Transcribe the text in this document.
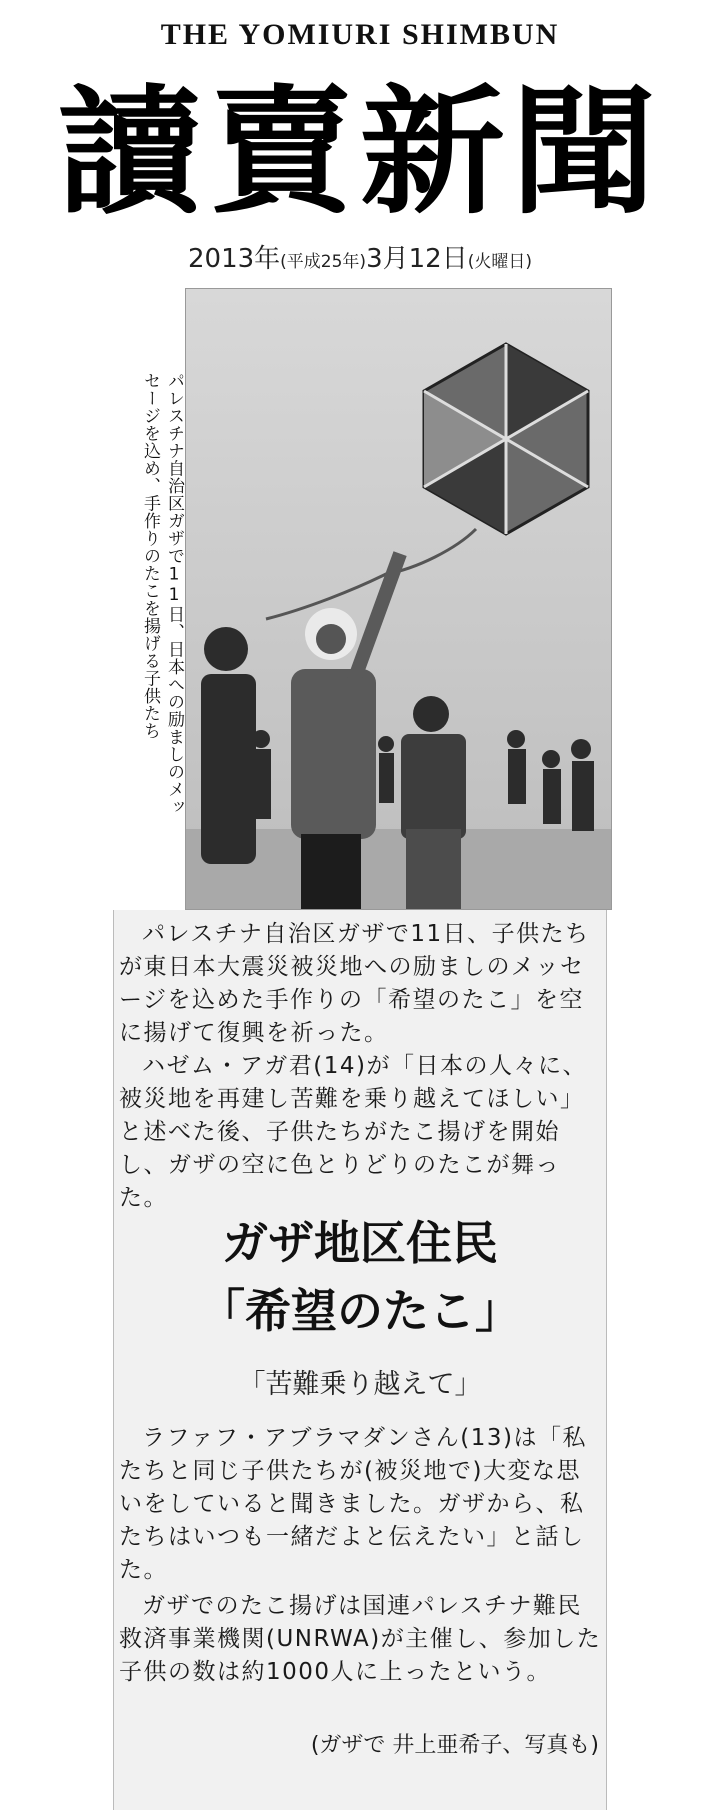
THE YOMIURI SHIMBUN
讀賣新聞
2013年(平成25年)3月12日(火曜日)
パレスチナ自治区ガザで11日、日本への励ましのメッセージを込め、手作りのたこを揚げる子供たち
パレスチナ自治区ガザで11日、子供たちが東日本大震災被災地への励ましのメッセージを込めた手作りの「希望のたこ」を空に揚げて復興を祈った。
ハゼム・アガ君(14)が「日本の人々に、被災地を再建し苦難を乗り越えてほしい」と述べた後、子供たちがたこ揚げを開始し、ガザの空に色とりどりのたこが舞った。
ガザ地区住民
「希望のたこ」
「苦難乗り越えて」
ラファフ・アブラマダンさん(13)は「私たちと同じ子供たちが(被災地で)大変な思いをしていると聞きました。ガザから、私たちはいつも一緒だよと伝えたい」と話した。
ガザでのたこ揚げは国連パレスチナ難民救済事業機関(UNRWA)が主催し、参加した子供の数は約1000人に上ったという。
(ガザで 井上亜希子、写真も)
